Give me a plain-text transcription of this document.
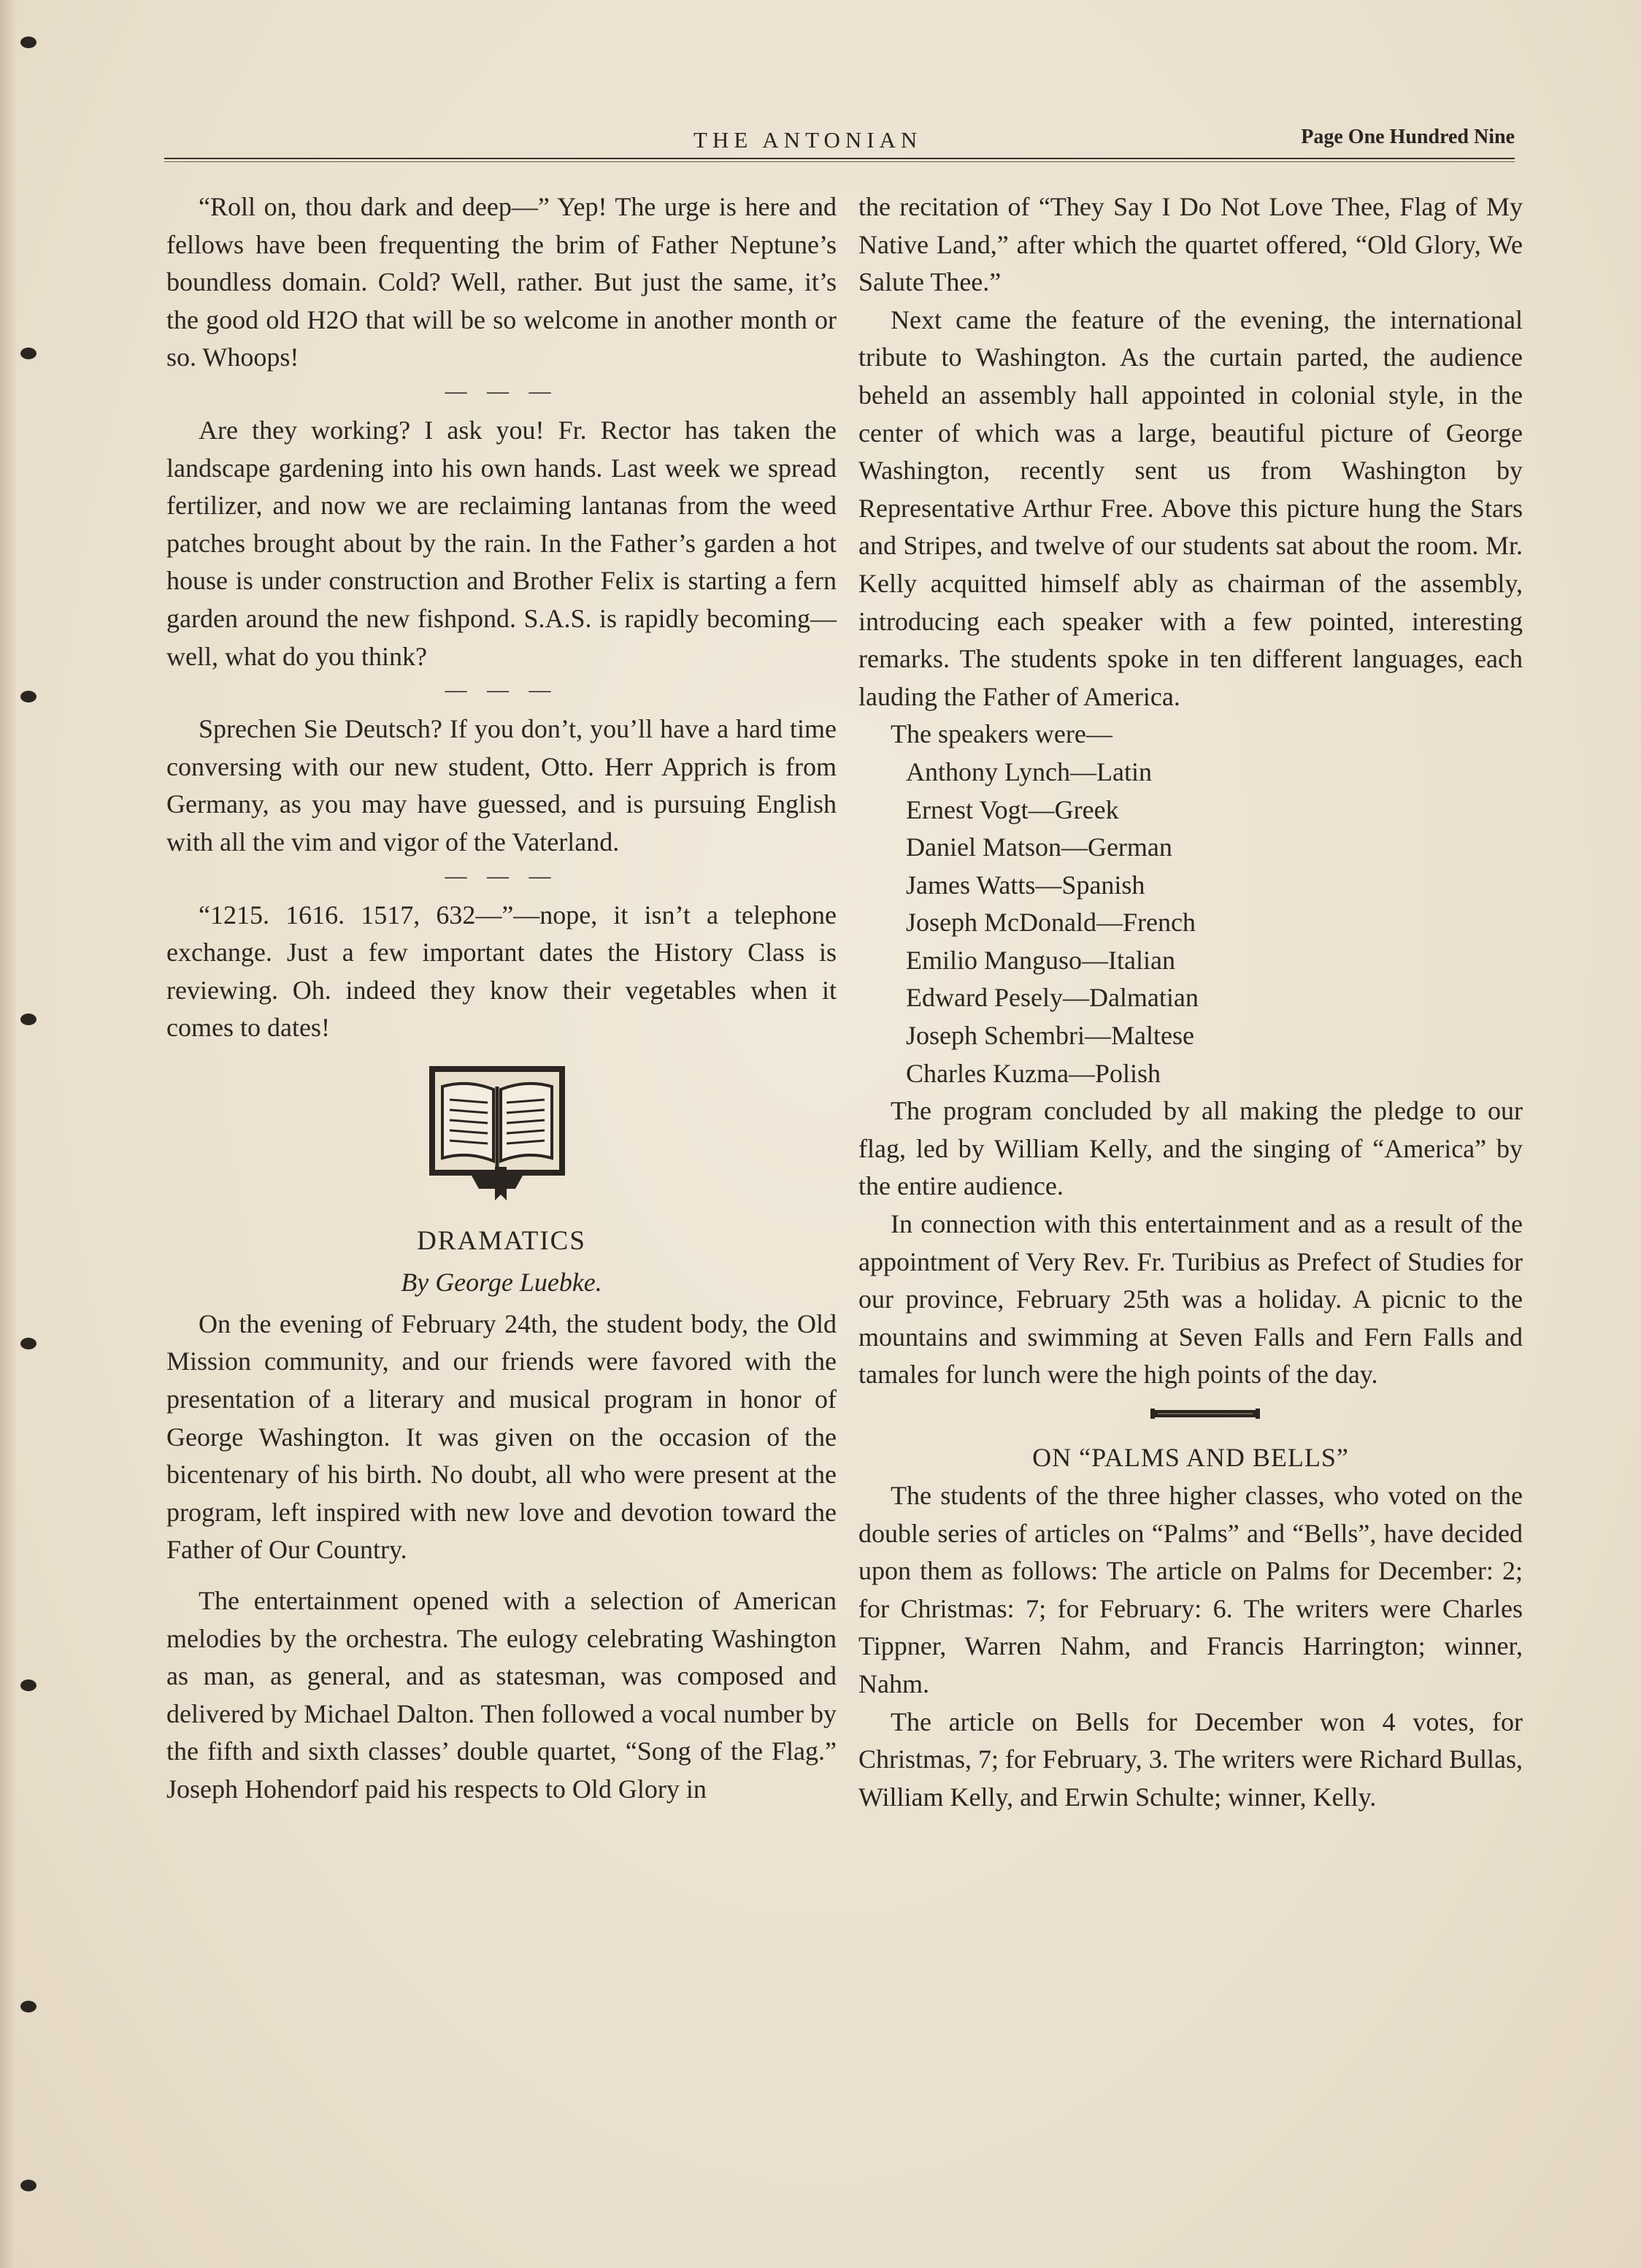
THE ANTONIAN	Page One Hundred Nine

“Roll on, thou dark and deep—” Yep! The urge is here and fellows have been frequenting the brim of Father Neptune’s boundless domain. Cold? Well, rather. But just the same, it’s the good old H2O that will be so welcome in another month or so. Whoops!

— — —

Are they working? I ask you! Fr. Rector has taken the landscape gardening into his own hands. Last week we spread fertilizer, and now we are reclaiming lantanas from the weed patches brought about by the rain. In the Father’s garden a hot house is under construction and Brother Felix is starting a fern garden around the new fishpond. S.A.S. is rapidly becoming—well, what do you think?

— — —

Sprechen Sie Deutsch? If you don’t, you’ll have a hard time conversing with our new student, Otto. Herr Apprich is from Germany, as you may have guessed, and is pursuing English with all the vim and vigor of the Vaterland.

— — —

“1215. 1616. 1517, 632—”—nope, it isn’t a telephone exchange. Just a few important dates the History Class is reviewing. Oh. indeed they know their vegetables when it comes to dates!

DRAMATICS
By George Luebke.

On the evening of February 24th, the student body, the Old Mission community, and our friends were favored with the presentation of a literary and musical program in honor of George Washington. It was given on the occasion of the bicentenary of his birth. No doubt, all who were present at the program, left inspired with new love and devotion toward the Father of Our Country.

The entertainment opened with a selection of American melodies by the orchestra. The eulogy celebrating Washington as man, as general, and as statesman, was composed and delivered by Michael Dalton. Then followed a vocal number by the fifth and sixth classes’ double quartet, “Song of the Flag.” Joseph Hohendorf paid his respects to Old Glory in

the recitation of “They Say I Do Not Love Thee, Flag of My Native Land,” after which the quartet offered, “Old Glory, We Salute Thee.”

Next came the feature of the evening, the international tribute to Washington. As the curtain parted, the audience beheld an assembly hall appointed in colonial style, in the center of which was a large, beautiful picture of George Washington, recently sent us from Washington by Representative Arthur Free. Above this picture hung the Stars and Stripes, and twelve of our students sat about the room. Mr. Kelly acquitted himself ably as chairman of the assembly, introducing each speaker with a few pointed, interesting remarks. The students spoke in ten different languages, each lauding the Father of America.

The speakers were—

Anthony Lynch—Latin
Ernest Vogt—Greek
Daniel Matson—German
James Watts—Spanish
Joseph McDonald—French
Emilio Manguso—Italian
Edward Pesely—Dalmatian
Joseph Schembri—Maltese
Charles Kuzma—Polish

The program concluded by all making the pledge to our flag, led by William Kelly, and the singing of “America” by the entire audience.

In connection with this entertainment and as a result of the appointment of Very Rev. Fr. Turibius as Prefect of Studies for our province, February 25th was a holiday. A picnic to the mountains and swimming at Seven Falls and Fern Falls and tamales for lunch were the high points of the day.

ON “PALMS AND BELLS”

The students of the three higher classes, who voted on the double series of articles on “Palms” and “Bells”, have decided upon them as follows: The article on Palms for December: 2; for Christmas: 7; for February: 6. The writers were Charles Tippner, Warren Nahm, and Francis Harrington; winner, Nahm.

The article on Bells for December won 4 votes, for Christmas, 7; for February, 3. The writers were Richard Bullas, William Kelly, and Erwin Schulte; winner, Kelly.
